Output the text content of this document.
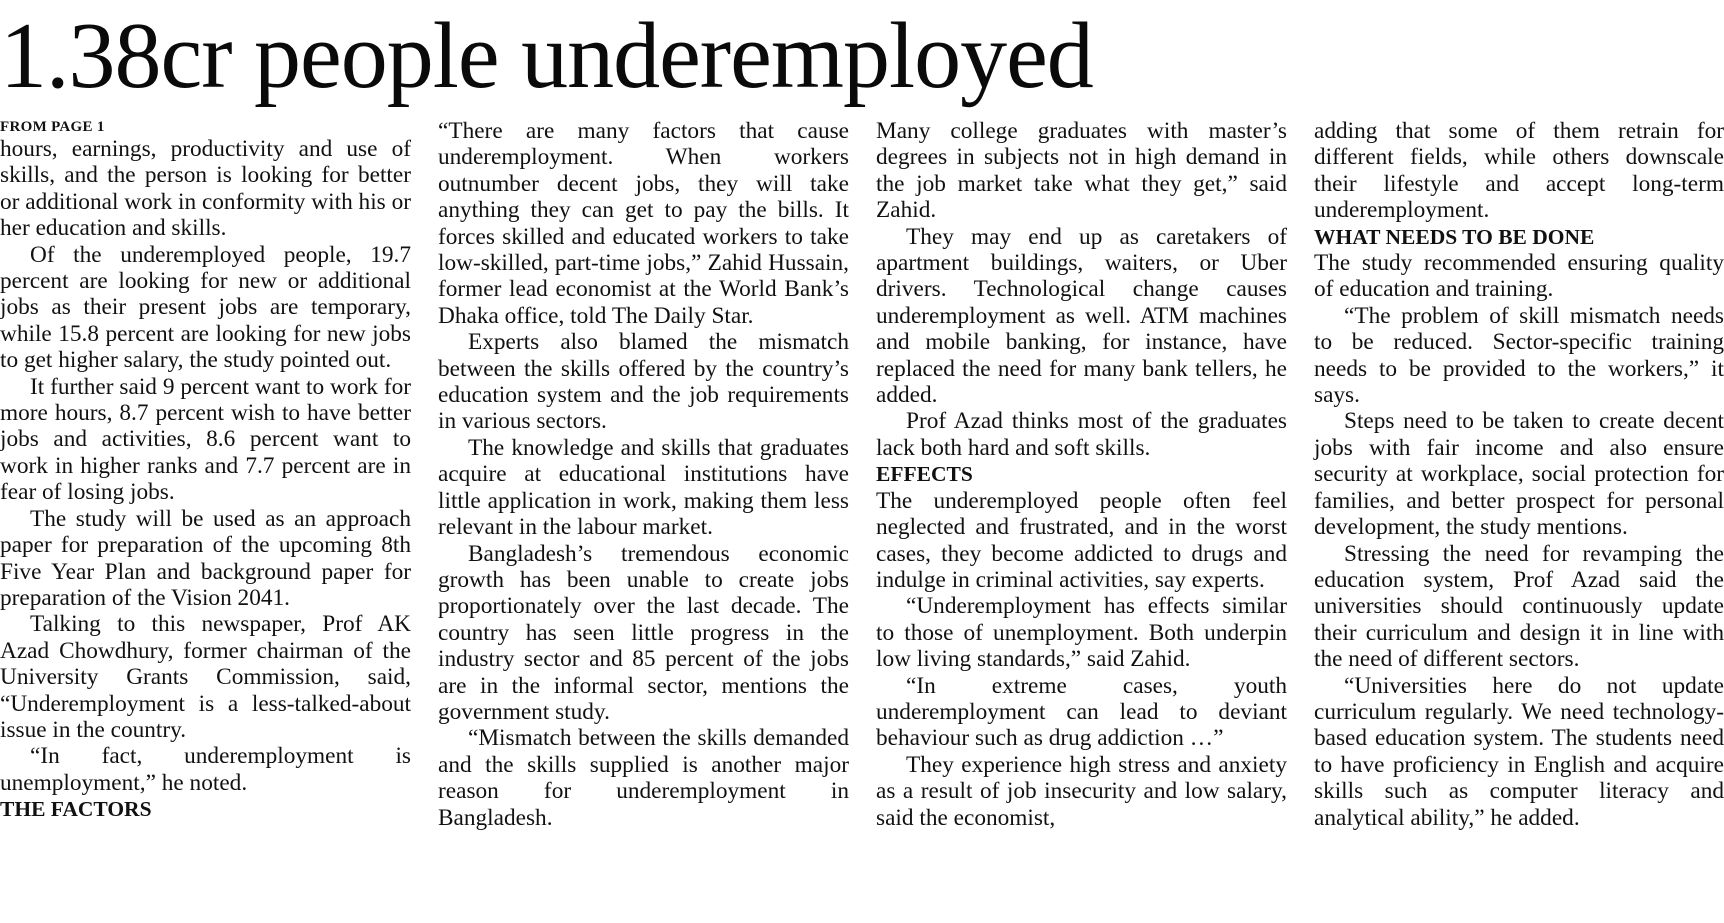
1.38cr people underemployed
FROM PAGE 1

hours, earnings, productivity and use of skills, and the person is looking for better or additional work in conformity with his or her education and skills.

Of the underemployed people, 19.7 percent are looking for new or additional jobs as their present jobs are temporary, while 15.8 percent are looking for new jobs to get higher salary, the study pointed out.

It further said 9 percent want to work for more hours, 8.7 percent wish to have better jobs and activities, 8.6 percent want to work in higher ranks and 7.7 percent are in fear of losing jobs.

The study will be used as an approach paper for preparation of the upcoming 8th Five Year Plan and background paper for preparation of the Vision 2041.

Talking to this newspaper, Prof AK Azad Chowdhury, former chairman of the University Grants Commission, said, “Underemployment is a less-talked-about issue in the country.

“In fact, underemployment is unemployment,” he noted.

THE FACTORS

“There are many factors that cause underemployment. When workers outnumber decent jobs, they will take anything they can get to pay the bills. It forces skilled and educated workers to take low-skilled, part-time jobs,” Zahid Hussain, former lead economist at the World Bank’s Dhaka office, told The Daily Star.

Experts also blamed the mismatch between the skills offered by the country’s education system and the job requirements in various sectors.

The knowledge and skills that graduates acquire at educational institutions have little application in work, making them less relevant in the labour market.

Bangladesh’s tremendous economic growth has been unable to create jobs proportionately over the last decade. The country has seen little progress in the industry sector and 85 percent of the jobs are in the informal sector, mentions the government study.

“Mismatch between the skills demanded and the skills supplied is another major reason for underemployment in Bangladesh.

Many college graduates with master’s degrees in subjects not in high demand in the job market take what they get,” said Zahid.

They may end up as caretakers of apartment buildings, waiters, or Uber drivers. Technological change causes underemployment as well. ATM machines and mobile banking, for instance, have replaced the need for many bank tellers, he added.

Prof Azad thinks most of the graduates lack both hard and soft skills.

EFFECTS

The underemployed people often feel neglected and frustrated, and in the worst cases, they become addicted to drugs and indulge in criminal activities, say experts.

“Underemployment has effects similar to those of unemployment. Both underpin low living standards,” said Zahid.

“In extreme cases, youth underemployment can lead to deviant behaviour such as drug addiction …”

They experience high stress and anxiety as a result of job insecurity and low salary, said the economist,

adding that some of them retrain for different fields, while others downscale their lifestyle and accept long-term underemployment.

WHAT NEEDS TO BE DONE

The study recommended ensuring quality of education and training.

“The problem of skill mismatch needs to be reduced. Sector-specific training needs to be provided to the workers,” it says.

Steps need to be taken to create decent jobs with fair income and also ensure security at workplace, social protection for families, and better prospect for personal development, the study mentions.

Stressing the need for revamping the education system, Prof Azad said the universities should continuously update their curriculum and design it in line with the need of different sectors.

“Universities here do not update curriculum regularly. We need technology-based education system. The students need to have proficiency in English and acquire skills such as computer literacy and analytical ability,” he added.
